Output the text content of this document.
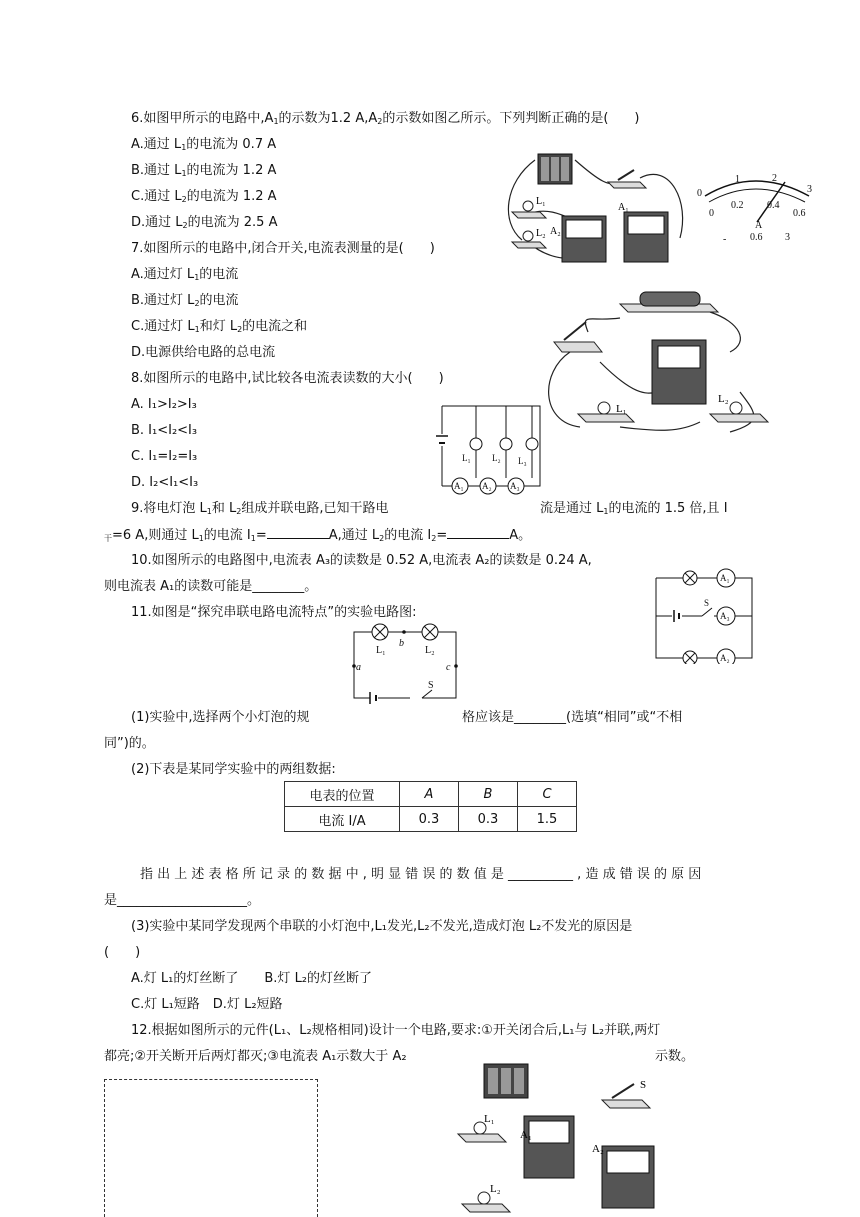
6.如图甲所示的电路中$,A_1$的示数为1.2 $A,A_2$的示数如图乙所示。下列判断正确的是(　　)
A.通过 $L_1$的电流为 0.7 A
B.通过 $L_1$的电流为 1.2 A
C.通过 $L_2$的电流为 1.2 A
D.通过 $L_2$的电流为 2.5 A
7.如图所示的电路中,闭合开关,电流表测量的是(　　)
A.通过灯 $L_1$的电流
B.通过灯 $L_2$的电流
C.通过灯 $L_1$和灯 $L_2$的电流之和
D.电源供给电路的总电流
8.如图所示的电路中,试比较各电流表读数的大小(　　)
A. I₁>I₂>I₃
B. I₁<I₂<I₃
C. I₁=I₂=I₃
D. I₂<I₁<I₃
9.将电灯泡 $L_1$和 $L_2$组成并联电路,已知干路电	流是通过 $L_1$的电流的 1.5 倍,且 I
$_干$=6 A,则通过 $L_1$的电流 $I_1=$	A,通过 $L_2$的电流 $I_2=$	A。
10.如图所示的电路图中,电流表 A₃的读数是 0.52 A,电流表 A₂的读数是 0.24 A,
则电流表 A₁的读数可能是________。
11.如图是“探究串联电路电流特点”的实验电路图:
(1)实验中,选择两个小灯泡的规	格应该是________(选填“相同”或“不相
同”)的。
(2)下表是某同学实验中的两组数据:
电表的位置	A	B	C
电流 I/A	0.3	0.3	1.5
指 出 上 述 表 格 所 记 录 的 数 据 中 , 明 显 错 误 的 数 值 是 __________ , 造 成 错 误 的 原 因
是____________________。
(3)实验中某同学发现两个串联的小灯泡中,L₁发光,L₂不发光,造成灯泡 L₂不发光的原因是
(　　)
A.灯 L₁的灯丝断了　　B.灯 L₂的灯丝断了
C.灯 L₁短路　D.灯 L₂短路
12.根据如图所示的元件(L₁、L₂规格相同)设计一个电路,要求:①开关闭合后,L₁与 L₂并联,两灯
都亮;②开关断开后两灯都灭;③电流表 A₁示数大于 A₂	示数。
L₁
L₂ A₂
A₁
0
1	2
3
0
0.2 0.4
0.6
A
- 0.6 3
L₁
L₂
L₁ L₂ L₃
A₁ A₂ A₃
A₁
A₃
A₂
S
L₁	L₂
a
b
c
S
S
L₁
A₁
A₂
L₂
